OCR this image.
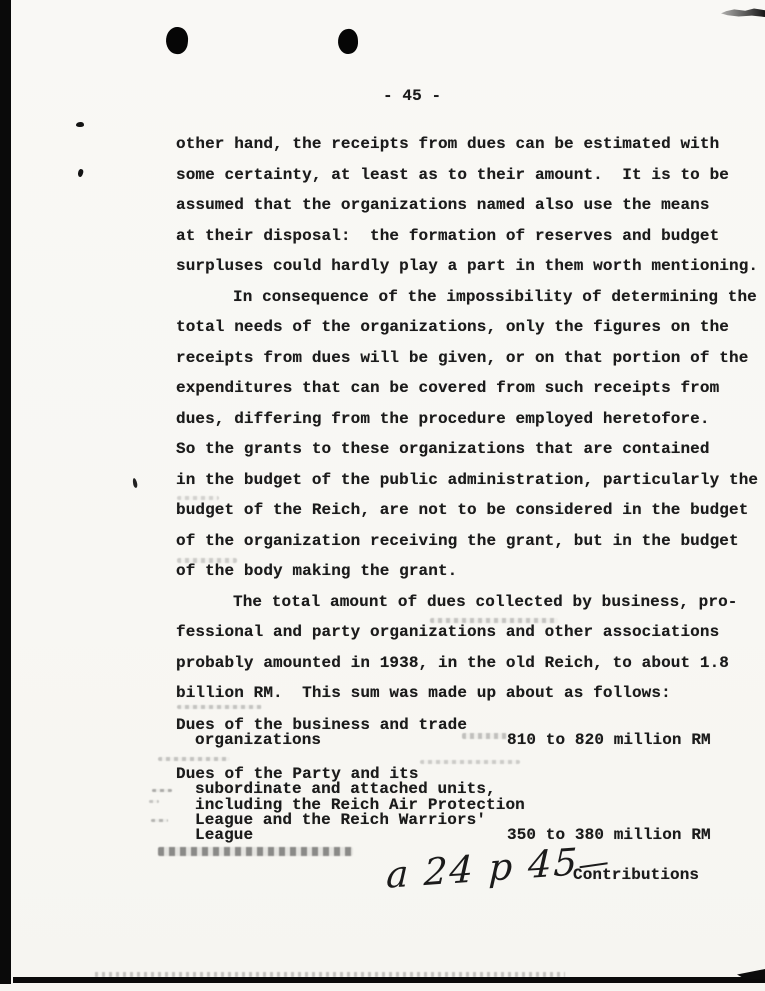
- 45 -
other hand, the receipts from dues can be estimated with
some certainty, at least as to their amount.  It is to be
assumed that the organizations named also use the means
at their disposal:  the formation of reserves and budget
surpluses could hardly play a part in them worth mentioning.
In consequence of the impossibility of determining the
total needs of the organizations, only the figures on the
receipts from dues will be given, or on that portion of the
expenditures that can be covered from such receipts from
dues, differing from the procedure employed heretofore.
So the grants to these organizations that are contained
in the budget of the public administration, particularly the
budget of the Reich, are not to be considered in the budget
of the organization receiving the grant, but in the budget
of the body making the grant.
The total amount of dues collected by business, pro-
fessional and party organizations and other associations
probably amounted in 1938, in the old Reich, to about 1.8
billion RM.  This sum was made up about as follows:
Dues of the business and trade
organizations
Dues of the Party and its
subordinate and attached units,
including the Reich Air Protection
League and the Reich Warriors'
League
810 to 820 million RM
350 to 380 million RM
a 24 p 45
Contributions
